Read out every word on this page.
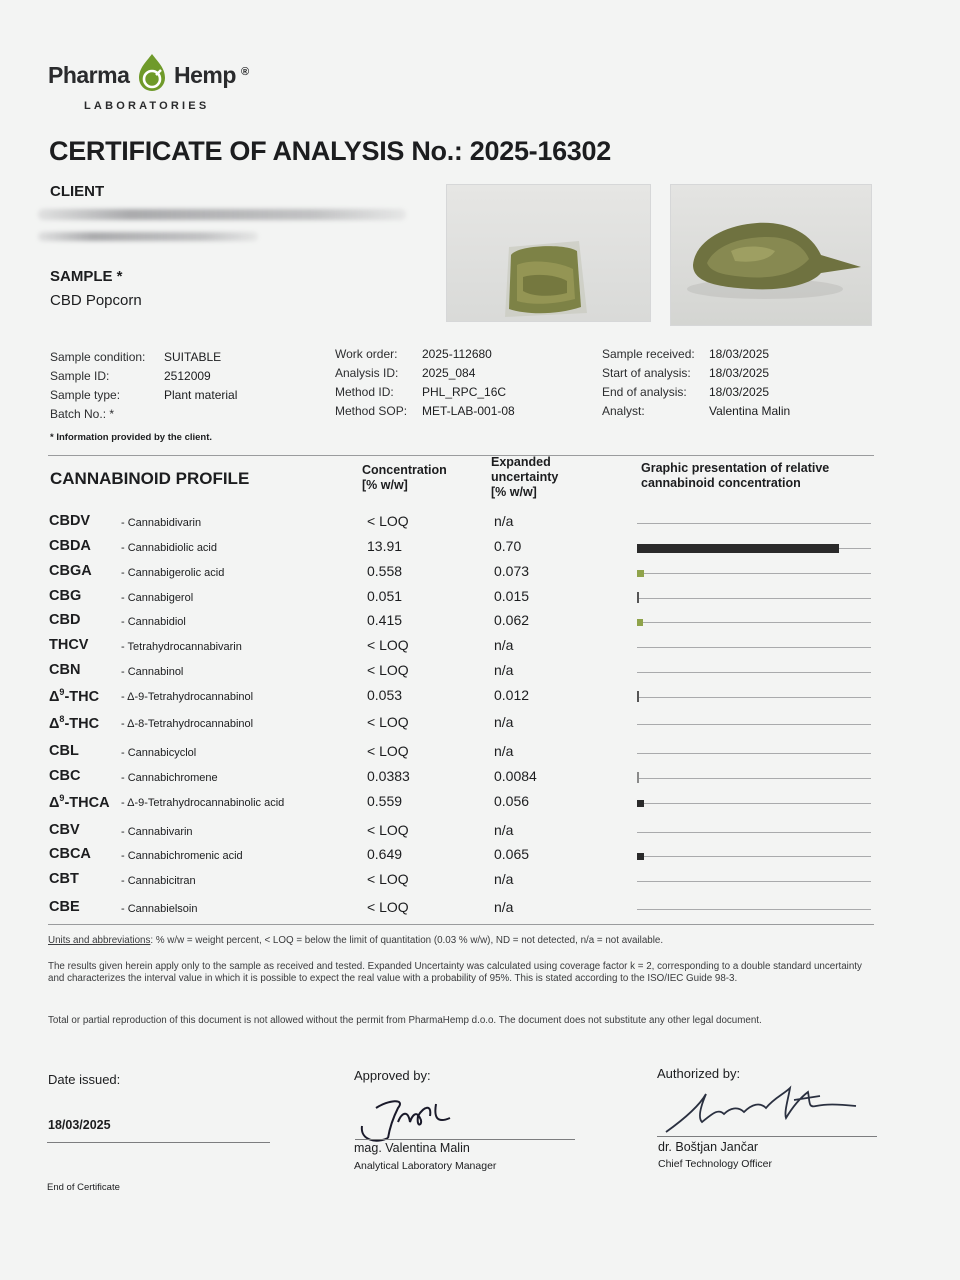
Pharma Hemp ®
LABORATORIES
CERTIFICATE OF ANALYSIS No.: 2025-16302
CLIENT
SAMPLE *
CBD Popcorn
Sample condition:	SUITABLE
Sample ID:	2512009
Sample type:	Plant material
Batch No.: *
Work order:	2025-112680
Analysis ID:	2025_084
Method ID:	PHL_RPC_16C
Method SOP:	MET-LAB-001-08
Sample received:	18/03/2025
Start of analysis:	18/03/2025
End of analysis:	18/03/2025
Analyst:	Valentina Malin
* Information provided by the client.
CANNABINOID PROFILE	Concentration
[% w/w]
Expanded
uncertainty
[% w/w]
Graphic presentation of relative
cannabinoid concentration
CBDV	- Cannabidivarin	< LOQ	n/a
CBDA	- Cannabidiolic acid	13.91	0.70
CBGA	- Cannabigerolic acid	0.558	0.073
CBG	- Cannabigerol	0.051	0.015
CBD	- Cannabidiol	0.415	0.062
THCV	- Tetrahydrocannabivarin	< LOQ	n/a
CBN	- Cannabinol	< LOQ	n/a
$\Delta^9$-THC - Δ-9-Tetrahydrocannabinol	0.053	0.012
$\Delta^8$-THC - Δ-8-Tetrahydrocannabinol	< LOQ	n/a
CBL	- Cannabicyclol	< LOQ	n/a
CBC	- Cannabichromene	0.0383	0.0084
$\Delta^9$-THCA - Δ-9-Tetrahydrocannabinolic acid	0.559	0.056
CBV	- Cannabivarin	< LOQ	n/a
CBCA	- Cannabichromenic acid	0.649	0.065
CBT	- Cannabicitran	< LOQ	n/a
CBE	- Cannabielsoin	< LOQ	n/a
Units and abbreviations: % w/w = weight percent, < LOQ = below the limit of quantitation (0.03 % w/w), ND = not detected, n/a = not available.
The results given herein apply only to the sample as received and tested. Expanded Uncertainty was calculated using coverage factor k = 2, corresponding to a double standard uncertainty and characterizes the interval value in which it is possible to expect the real value with a probability of 95%. This is stated according to the ISO/IEC Guide 98-3.
Total or partial reproduction of this document is not allowed without the permit from PharmaHemp d.o.o. The document does not substitute any other legal document.
Date issued:
18/03/2025
Approved by:
mag. Valentina Malin
Analytical Laboratory Manager
Authorized by:
dr. Boštjan Jančar
Chief Technology Officer
End of Certificate
